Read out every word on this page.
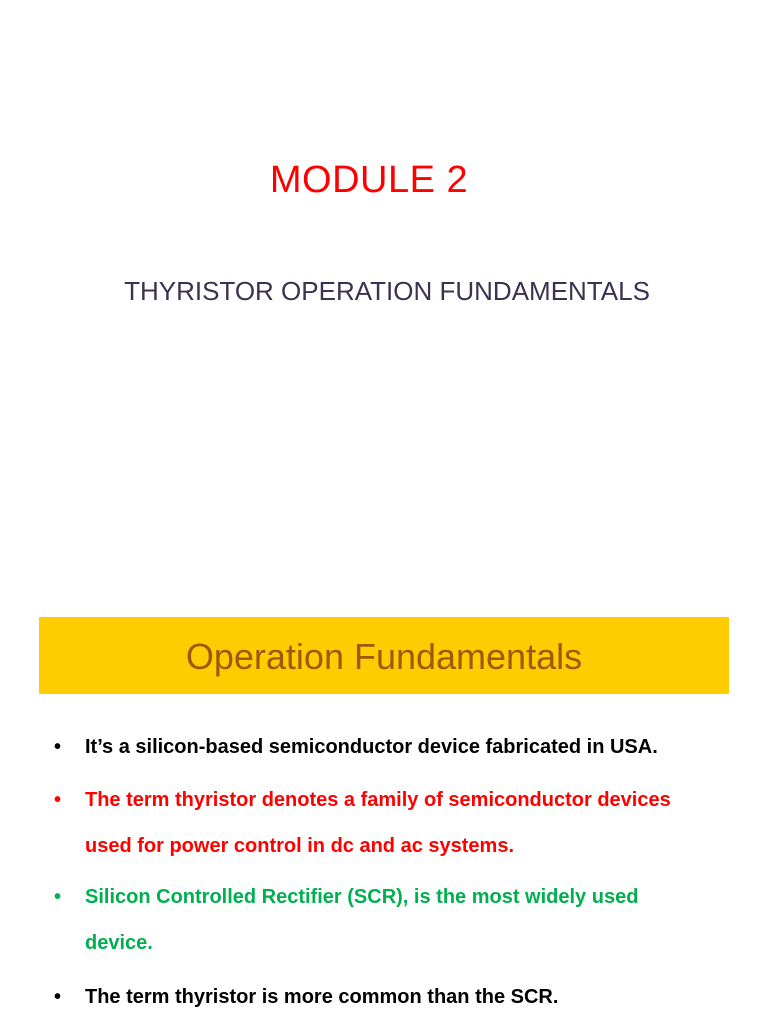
MODULE 2
THYRISTOR OPERATION FUNDAMENTALS
Operation Fundamentals
• It’s a silicon-based semiconductor device fabricated in USA.
• The term thyristor denotes a family of semiconductor devices used for power control in dc and ac systems.
• Silicon Controlled Rectifier (SCR), is the most widely used device.
• The term thyristor is more common than the SCR.
